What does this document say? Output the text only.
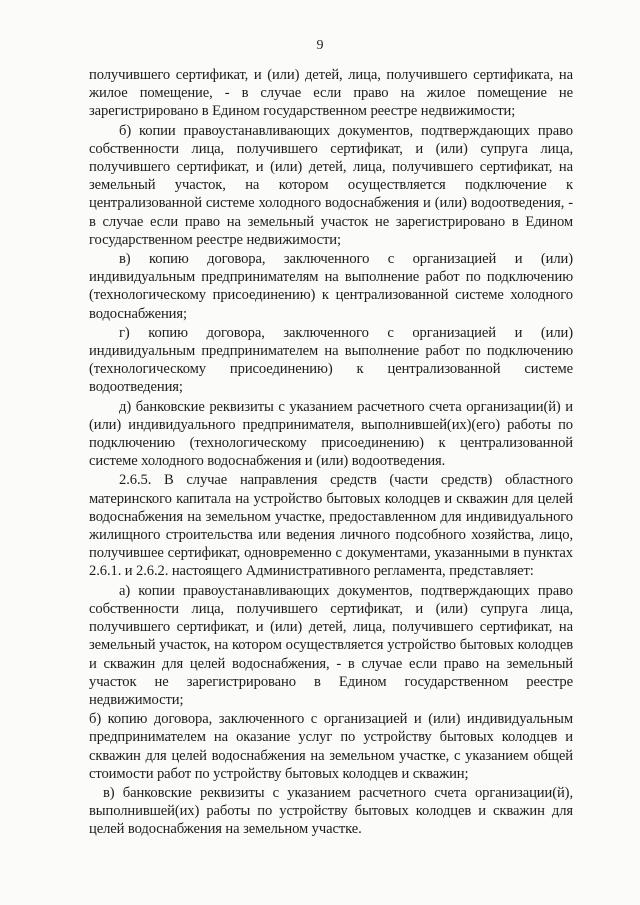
9

получившего сертификат, и (или) детей, лица, получившего сертификата, на жилое помещение, - в случае если право на жилое помещение не зарегистрировано в Едином государственном реестре недвижимости;

б) копии правоустанавливающих документов, подтверждающих право собственности лица, получившего сертификат, и (или) супруга лица, получившего сертификат, и (или) детей, лица, получившего сертификат, на земельный участок, на котором осуществляется подключение к централизованной системе холодного водоснабжения и (или) водоотведения, - в случае если право на земельный участок не зарегистрировано в Едином государственном реестре недвижимости;

в) копию договора, заключенного с организацией и (или) индивидуальным предпринимателям на выполнение работ по подключению (технологическому присоединению) к централизованной системе холодного водоснабжения;

г) копию договора, заключенного с организацией и (или) индивидуальным предпринимателем на выполнение работ по подключению (технологическому присоединению) к централизованной системе водоотведения;

д) банковские реквизиты с указанием расчетного счета организации(й) и (или) индивидуального предпринимателя, выполнившей(их)(его) работы по подключению (технологическому присоединению) к централизованной системе холодного водоснабжения и (или) водоотведения.

2.6.5. В случае направления средств (части средств) областного материнского капитала на устройство бытовых колодцев и скважин для целей водоснабжения на земельном участке, предоставленном для индивидуального жилищного строительства или ведения личного подсобного хозяйства, лицо, получившее сертификат, одновременно с документами, указанными в пунктах 2.6.1. и 2.6.2. настоящего Административного регламента, представляет:

а) копии правоустанавливающих документов, подтверждающих право собственности лица, получившего сертификат, и (или) супруга лица, получившего сертификат, и (или) детей, лица, получившего сертификат, на земельный участок, на котором осуществляется устройство бытовых колодцев и скважин для целей водоснабжения, - в случае если право на земельный участок не зарегистрировано в Едином государственном реестре недвижимости;

б) копию договора, заключенного с организацией и (или) индивидуальным предпринимателем на оказание услуг по устройству бытовых колодцев и скважин для целей водоснабжения на земельном участке, с указанием общей стоимости работ по устройству бытовых колодцев и скважин;

в) банковские реквизиты с указанием расчетного счета организации(й), выполнившей(их) работы по устройству бытовых колодцев и скважин для целей водоснабжения на земельном участке.
